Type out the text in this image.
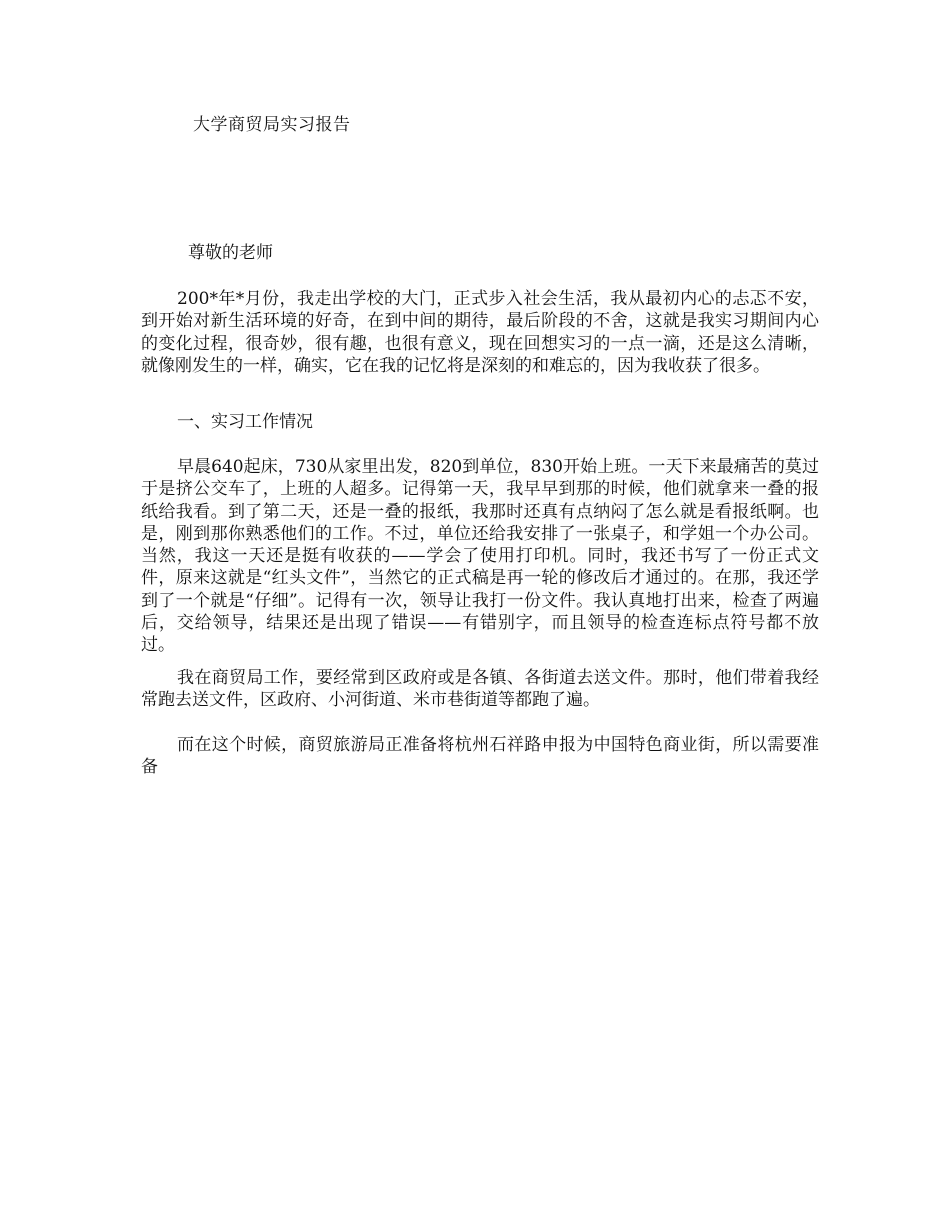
大学商贸局实习报告
尊敬的老师

200*年*月份，我走出学校的大门，正式步入社会生活，我从最初内心的忐忑不安，到开始对新生活环境的好奇，在到中间的期待，最后阶段的不舍，这就是我实习期间内心的变化过程，很奇妙，很有趣，也很有意义，现在回想实习的一点一滴，还是这么清晰，就像刚发生的一样，确实，它在我的记忆将是深刻的和难忘的，因为我收获了很多。

一、实习工作情况

早晨640起床，730从家里出发，820到单位，830开始上班。一天下来最痛苦的莫过于是挤公交车了，上班的人超多。记得第一天，我早早到那的时候，他们就拿来一叠的报纸给我看。到了第二天，还是一叠的报纸，我那时还真有点纳闷了怎么就是看报纸啊。也是，刚到那你熟悉他们的工作。不过，单位还给我安排了一张桌子，和学姐一个办公司。当然，我这一天还是挺有收获的——学会了使用打印机。同时，我还书写了一份正式文件，原来这就是“红头文件”，当然它的正式稿是再一轮的修改后才通过的。在那，我还学到了一个就是“仔细”。记得有一次，领导让我打一份文件。我认真地打出来，检查了两遍后，交给领导，结果还是出现了错误——有错别字，而且领导的检查连标点符号都不放过。

我在商贸局工作，要经常到区政府或是各镇、各街道去送文件。那时，他们带着我经常跑去送文件，区政府、小河街道、米市巷街道等都跑了遍。

而在这个时候，商贸旅游局正准备将杭州石祥路申报为中国特色商业街，所以需要准备
